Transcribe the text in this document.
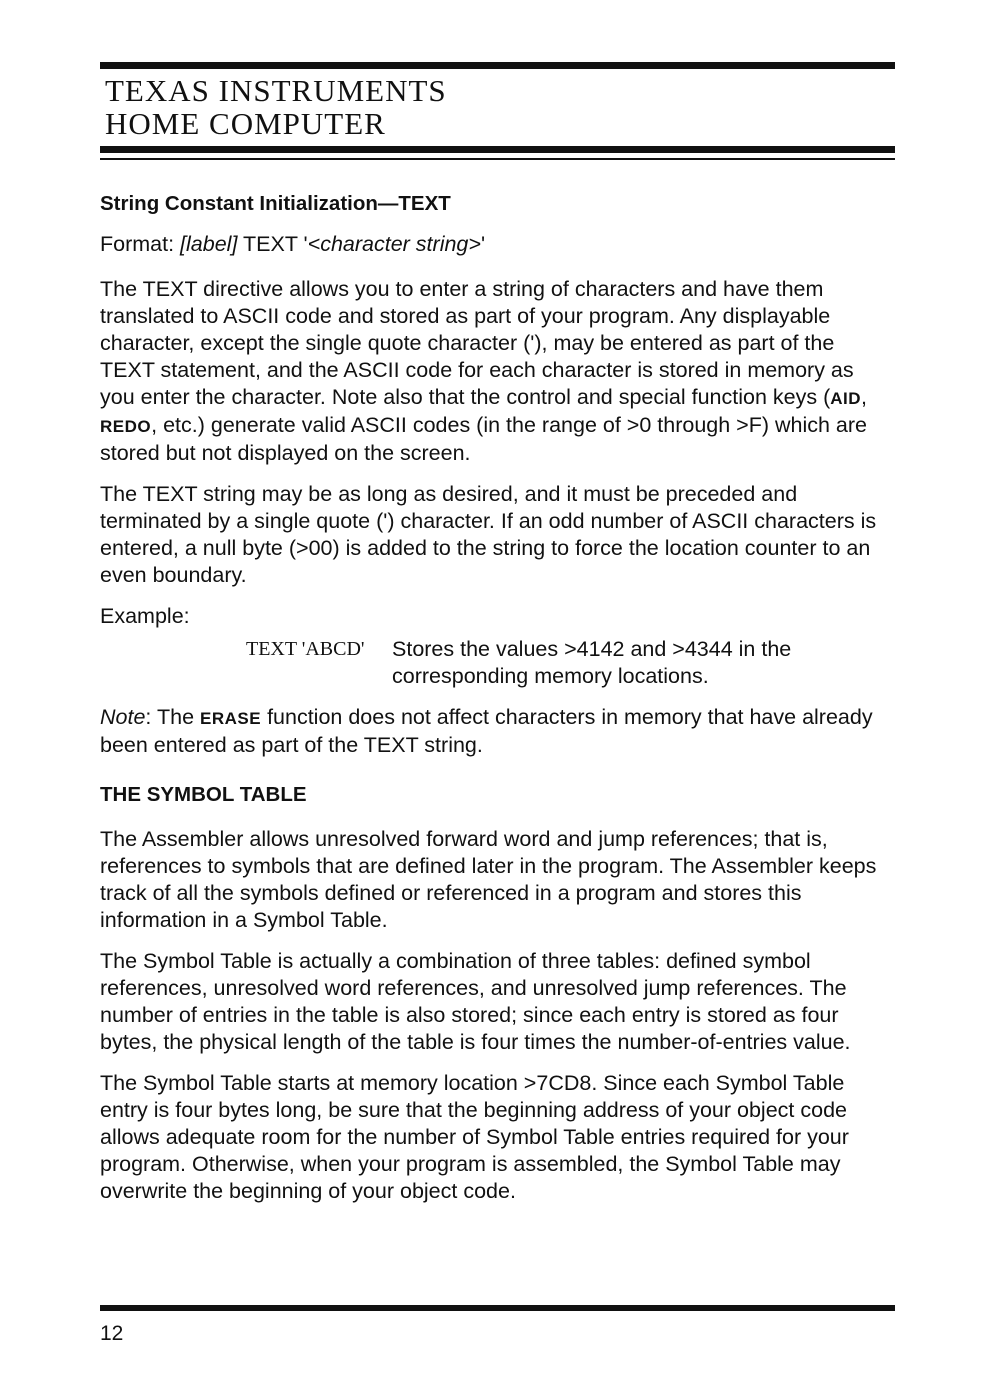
TEXAS INSTRUMENTS
HOME COMPUTER
String Constant Initialization—TEXT

Format: [label] TEXT '<character string>'

The TEXT directive allows you to enter a string of characters and have them translated to ASCII code and stored as part of your program. Any displayable character, except the single quote character ('), may be entered as part of the TEXT statement, and the ASCII code for each character is stored in memory as you enter the character. Note also that the control and special function keys (AID, REDO, etc.) generate valid ASCII codes (in the range of >0 through >F) which are stored but not displayed on the screen.

The TEXT string may be as long as desired, and it must be preceded and terminated by a single quote (') character. If an odd number of ASCII characters is entered, a null byte (>00) is added to the string to force the location counter to an even boundary.

Example:

TEXT 'ABCD'	Stores the values >4142 and >4344 in the corresponding memory locations.

Note: The ERASE function does not affect characters in memory that have already been entered as part of the TEXT string.

THE SYMBOL TABLE

The Assembler allows unresolved forward word and jump references; that is, references to symbols that are defined later in the program. The Assembler keeps track of all the symbols defined or referenced in a program and stores this information in a Symbol Table.

The Symbol Table is actually a combination of three tables: defined symbol references, unresolved word references, and unresolved jump references. The number of entries in the table is also stored; since each entry is stored as four bytes, the physical length of the table is four times the number-of-entries value.

The Symbol Table starts at memory location >7CD8. Since each Symbol Table entry is four bytes long, be sure that the beginning address of your object code allows adequate room for the number of Symbol Table entries required for your program. Otherwise, when your program is assembled, the Symbol Table may overwrite the beginning of your object code.

12
